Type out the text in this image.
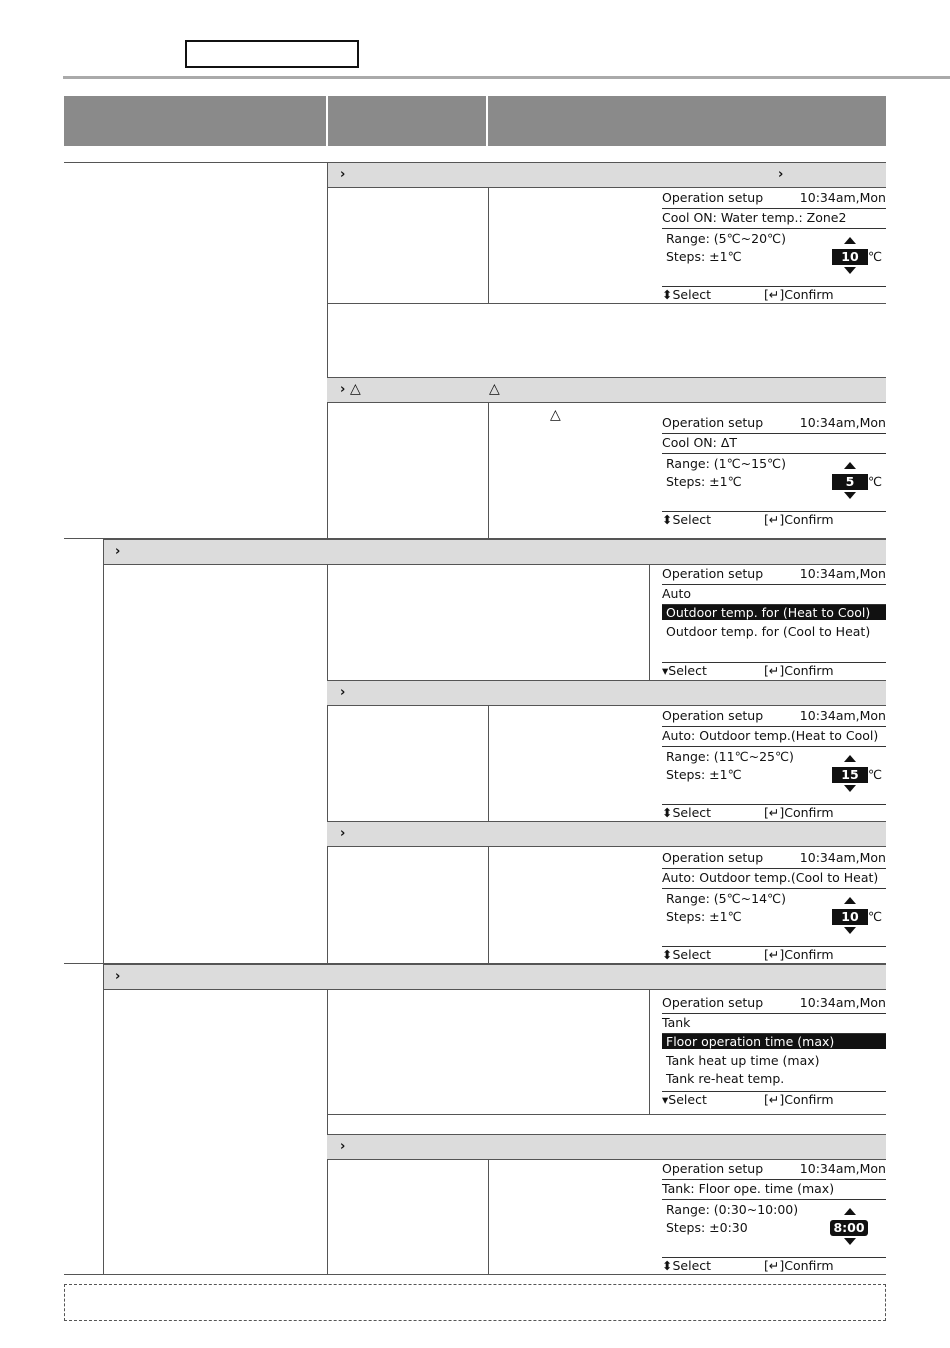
›	›
Operation setup	10:34am,Mon
Cool ON: Water temp.: Zone2
Range: (5℃~20℃)
Steps: ±1℃	10 ℃
⬍Select	[↵]Confirm
› △	△
△	Operation setup	10:34am,Mon
Cool ON: ΔT
Range: (1℃~15℃)
Steps: ±1℃	5	℃
⬍Select	[↵]Confirm
›
Operation setup	10:34am,Mon
Auto
Outdoor temp. for (Heat to Cool)
Outdoor temp. for (Cool to Heat)
▾Select	[↵]Confirm
›
Operation setup	10:34am,Mon
Auto: Outdoor temp.(Heat to Cool)
Range: (11℃~25℃)
Steps: ±1℃	15 ℃
⬍Select	[↵]Confirm
›
Operation setup	10:34am,Mon
Auto: Outdoor temp.(Cool to Heat)
Range: (5℃~14℃)
Steps: ±1℃	10 ℃
⬍Select	[↵]Confirm
›
Operation setup	10:34am,Mon
Tank
Floor operation time (max)
Tank heat up time (max)
Tank re-heat temp.
▾Select	[↵]Confirm
›
Operation setup	10:34am,Mon
Tank: Floor ope. time (max)
Range: (0:30~10:00)
Steps: ±0:30	8:00
⬍Select	[↵]Confirm
